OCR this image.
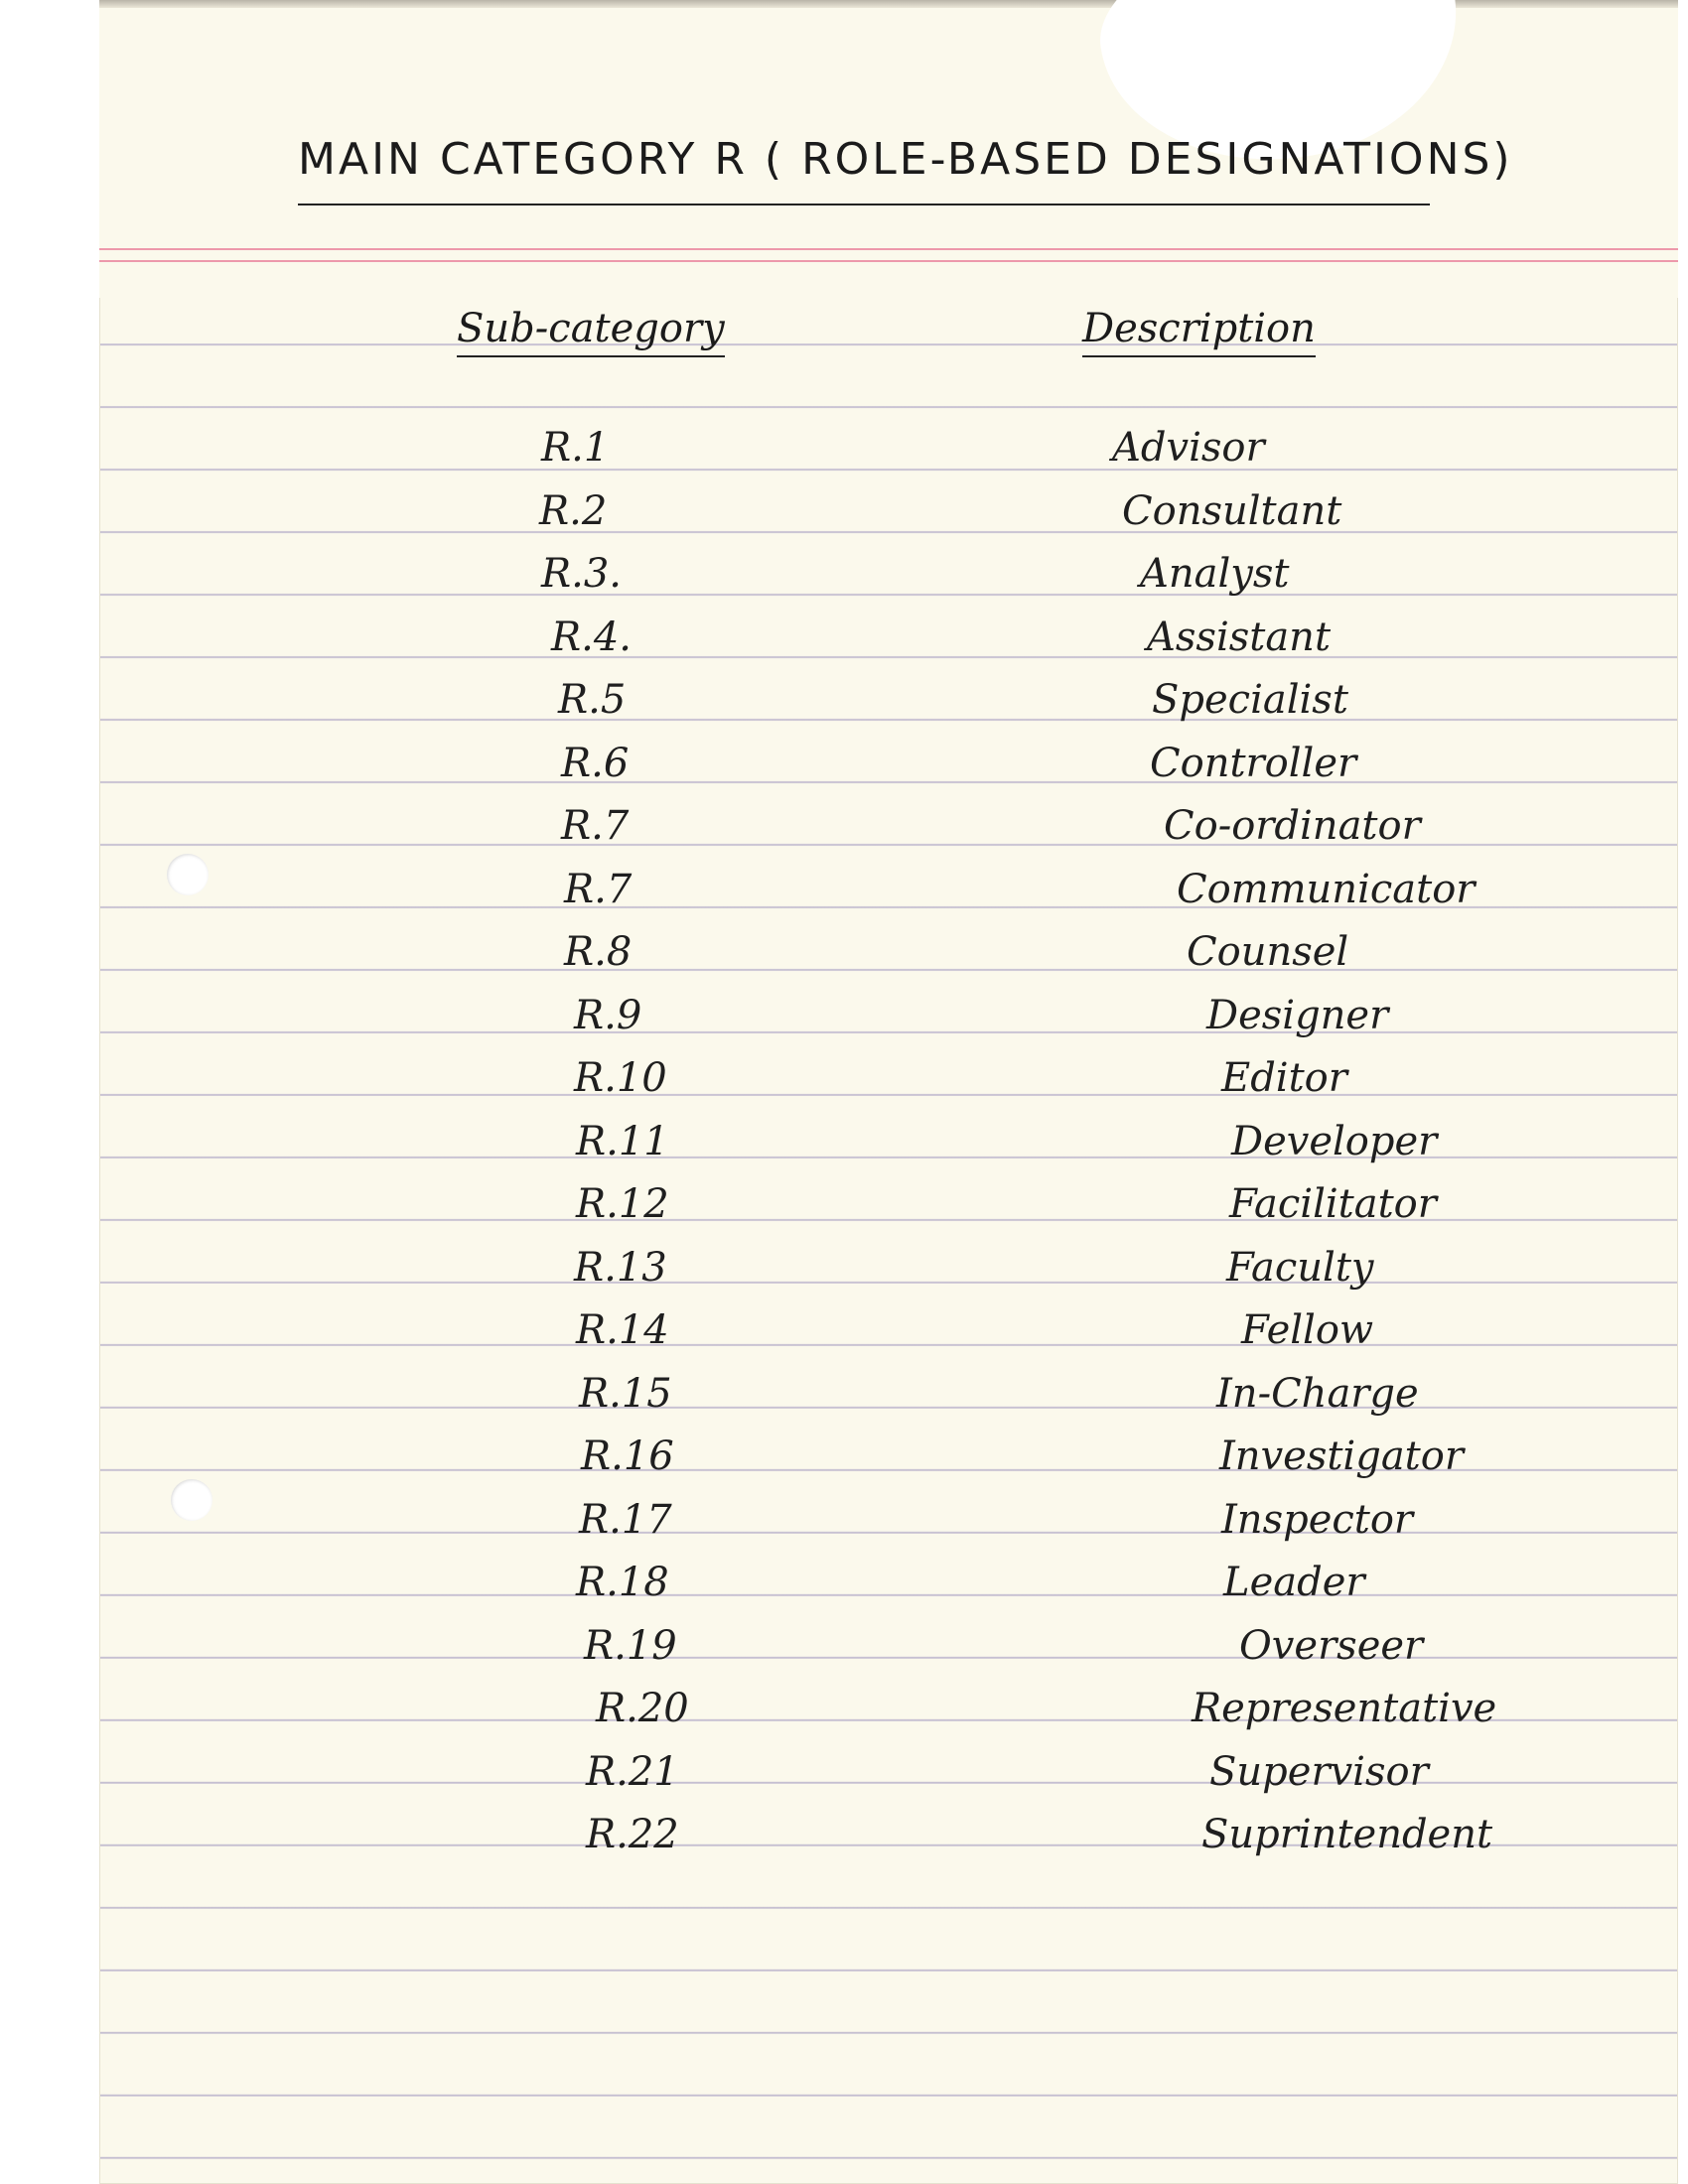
MAIN CATEGORY R ( ROLE-BASED DESIGNATIONS)
Sub-category	Description
R.1	Advisor
R.2	Consultant
R.3.	Analyst
R.4.	Assistant
R.5	Specialist
R.6	Controller
R.7	Co-ordinator
R.7	Communicator
R.8	Counsel
R.9	Designer
R.10	Editor
R.11	Developer
R.12	Facilitator
R.13	Faculty
R.14	Fellow
R.15	In-Charge
R.16	Investigator
R.17	Inspector
R.18	Leader
R.19	Overseer
R.20	Representative
R.21	Supervisor
R.22	Suprintendent
